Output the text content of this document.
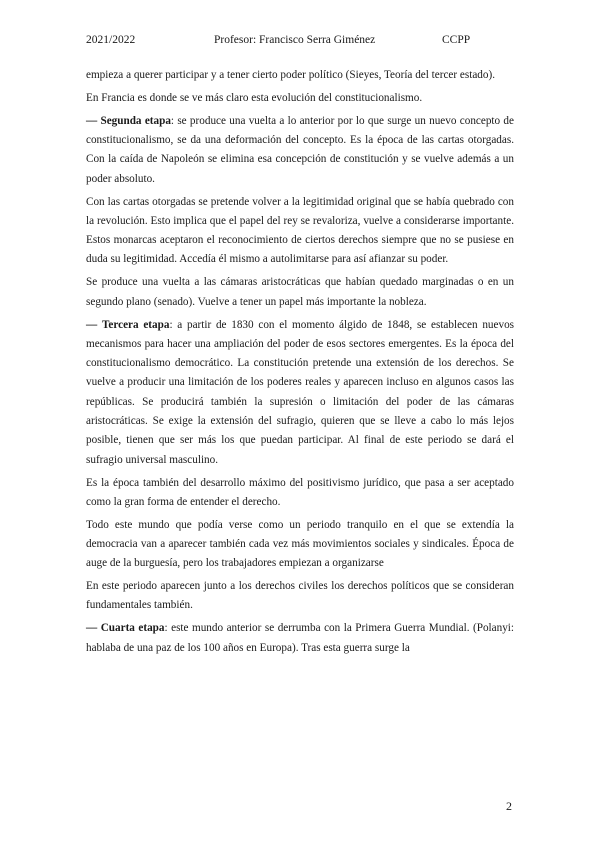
2021/2022	Profesor: Francisco Serra Giménez	CCPP

empieza a querer participar y a tener cierto poder político (Sieyes, Teoría del tercer estado).

En Francia es donde se ve más claro esta evolución del constitucionalismo.

— Segunda etapa: se produce una vuelta a lo anterior por lo que surge un nuevo concepto de constitucionalismo, se da una deformación del concepto. Es la época de las cartas otorgadas. Con la caída de Napoleón se elimina esa concepción de constitución y se vuelve además a un poder absoluto.

Con las cartas otorgadas se pretende volver a la legitimidad original que se había quebrado con la revolución. Esto implica que el papel del rey se revaloriza, vuelve a considerarse importante. Estos monarcas aceptaron el reconocimiento de ciertos derechos siempre que no se pusiese en duda su legitimidad. Accedía él mismo a autolimitarse para así afianzar su poder.

Se produce una vuelta a las cámaras aristocráticas que habían quedado marginadas o en un segundo plano (senado). Vuelve a tener un papel más importante la nobleza.

— Tercera etapa: a partir de 1830 con el momento álgido de 1848, se establecen nuevos mecanismos para hacer una ampliación del poder de esos sectores emergentes. Es la época del constitucionalismo democrático. La constitución pretende una extensión de los derechos. Se vuelve a producir una limitación de los poderes reales y aparecen incluso en algunos casos las repúblicas. Se producirá también la supresión o limitación del poder de las cámaras aristocráticas. Se exige la extensión del sufragio, quieren que se lleve a cabo lo más lejos posible, tienen que ser más los que puedan participar. Al final de este periodo se dará el sufragio universal masculino.

Es la época también del desarrollo máximo del positivismo jurídico, que pasa a ser aceptado como la gran forma de entender el derecho.

Todo este mundo que podía verse como un periodo tranquilo en el que se extendía la democracia van a aparecer también cada vez más movimientos sociales y sindicales. Época de auge de la burguesía, pero los trabajadores empiezan a organizarse

En este periodo aparecen junto a los derechos civiles los derechos políticos que se consideran fundamentales también.

— Cuarta etapa: este mundo anterior se derrumba con la Primera Guerra Mundial. (Polanyi: hablaba de una paz de los 100 años en Europa). Tras esta guerra surge la

2
